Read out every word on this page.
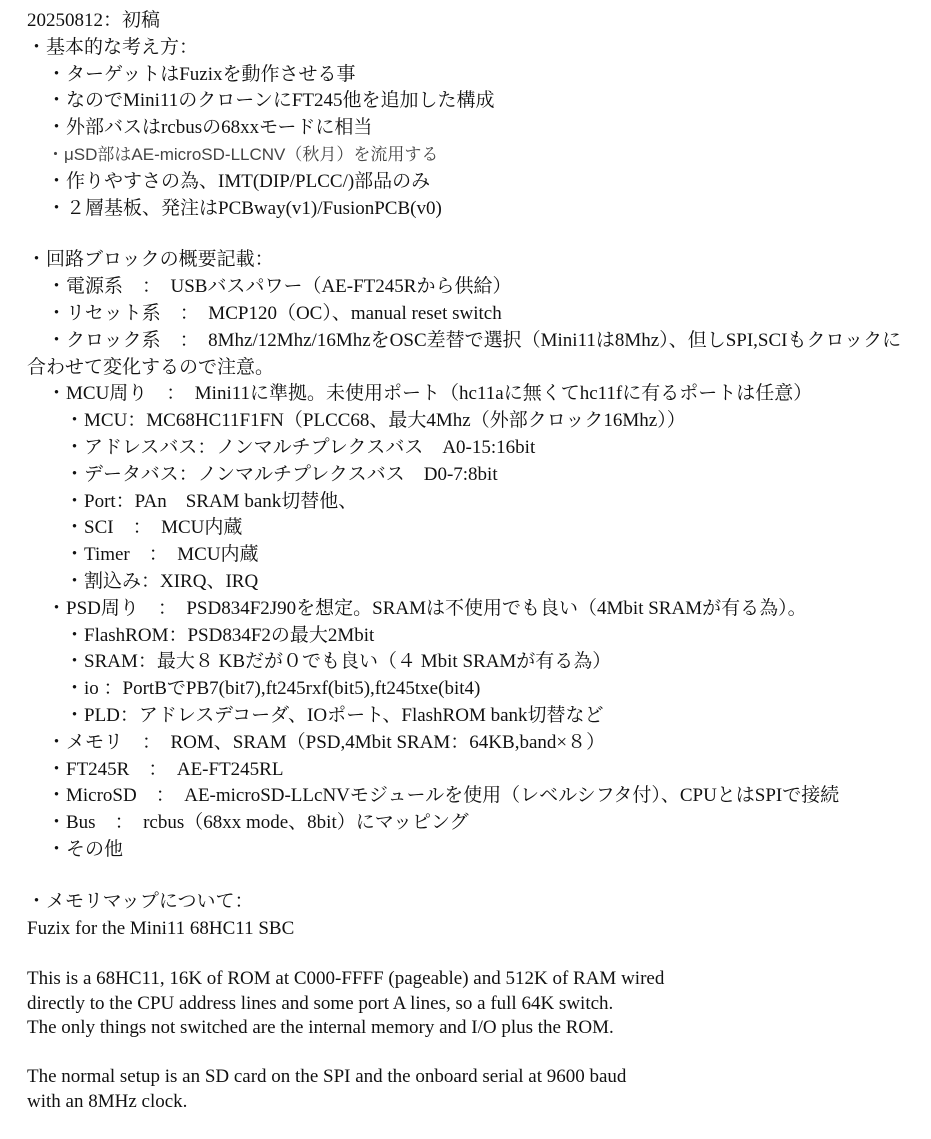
20250812：初稿
・基本的な考え方：
・ターゲットはFuzixを動作させる事
・なのでMini11のクローンにFT245他を追加した構成
・外部バスはrcbusの68xxモードに相当
・μSD部はAE-microSD-LLCNV（秋月）を流用する
・作りやすさの為、IMT(DIP/PLCC/)部品のみ
・２層基板、発注はPCBway(v1)/FusionPCB(v0)
・回路ブロックの概要記載：
・電源系　：　USBバスパワー（AE-FT245Rから供給）
・リセット系　：　MCP120（OC）、manual reset switch
・クロック系　：　8Mhz/12Mhz/16MhzをOSC差替で選択（Mini11は8Mhz）、但しSPI,SCIもクロックに合わせて変化するので注意。
・MCU周り　：　Mini11に準拠。未使用ポート（hc11aに無くてhc11fに有るポートは任意）
・MCU：MC68HC11F1FN（PLCC68、最大4Mhz（外部クロック16Mhz））
・アドレスバス：ノンマルチプレクスバス　A0-15:16bit
・データバス：ノンマルチプレクスバス　D0-7:8bit
・Port：PAn　SRAM bank切替他、
・SCI　：　MCU内蔵
・Timer　：　MCU内蔵
・割込み：XIRQ、IRQ
・PSD周り　：　PSD834F2J90を想定。SRAMは不使用でも良い（4Mbit SRAMが有る為）。
・FlashROM：PSD834F2の最大2Mbit
・SRAM：最大８ KBだが０でも良い（４ Mbit SRAMが有る為）
・io ：PortBでPB7(bit7),ft245rxf(bit5),ft245txe(bit4)
・PLD：アドレスデコーダ、IOポート、FlashROM bank切替など
・メモリ　：　ROM、SRAM（PSD,4Mbit SRAM：64KB,band×８）
・FT245R　：　AE-FT245RL
・MicroSD　：　AE-microSD-LLcNVモジュールを使用（レベルシフタ付）、CPUとはSPIで接続
・Bus　：　rcbus（68xx mode、8bit）にマッピング
・その他
・メモリマップについて：
Fuzix for the Mini11 68HC11 SBC
This is a 68HC11, 16K of ROM at C000-FFFF (pageable) and 512K of RAM wired
directly to the CPU address lines and some port A lines, so a full 64K switch.
The only things not switched are the internal memory and I/O plus the ROM.
The normal setup is an SD card on the SPI and the onboard serial at 9600 baud
with an 8MHz clock.
